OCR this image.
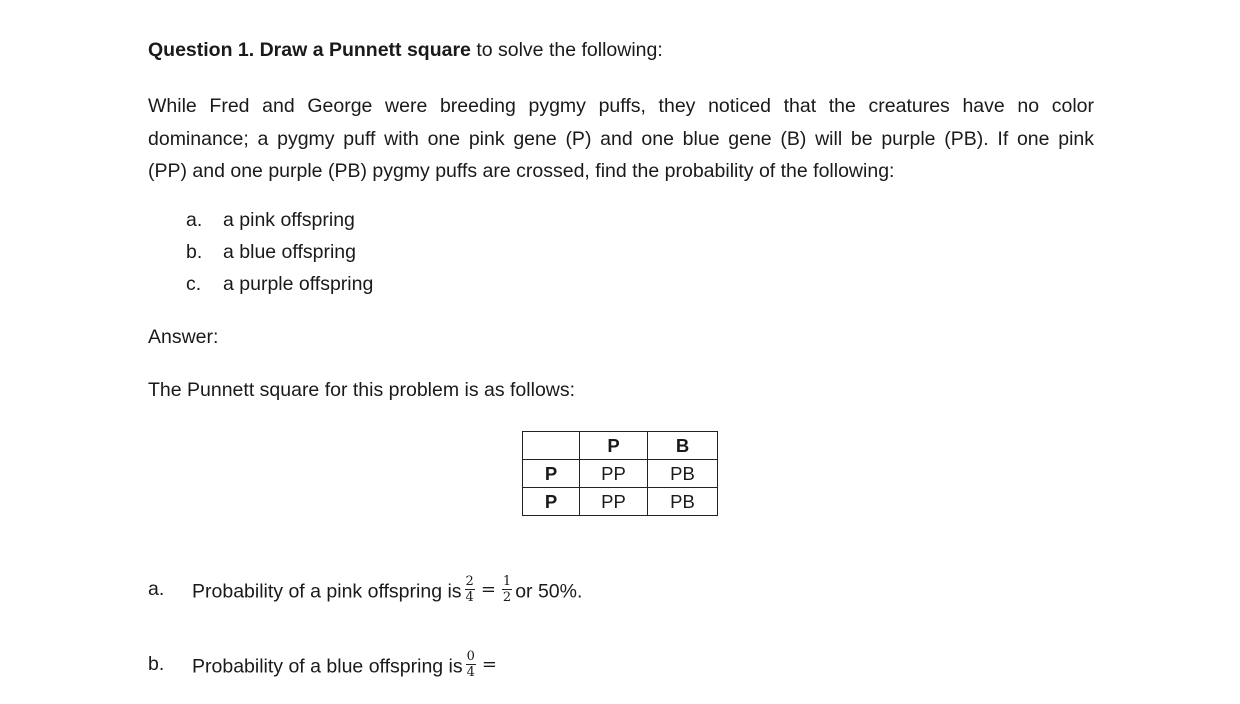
Question 1. Draw a Punnett square to solve the following:
While Fred and George were breeding pygmy puffs, they noticed that the creatures have no color
dominance; a pygmy puff with one pink gene (P) and one blue gene (B) will be purple (PB). If one pink
(PP) and one purple (PB) pygmy puffs are crossed, find the probability of the following:
a. a pink offspring
b. a blue offspring
c. a purple offspring
Answer:
The Punnett square for this problem is as follows:
	P	B
P	PP	PB
P	PP	PB
a. Probability of a pink offspring is $\frac{2}{4} = \frac{1}{2}$ or 50%.
b. Probability of a blue offspring is $\frac{0}{4}$ =
